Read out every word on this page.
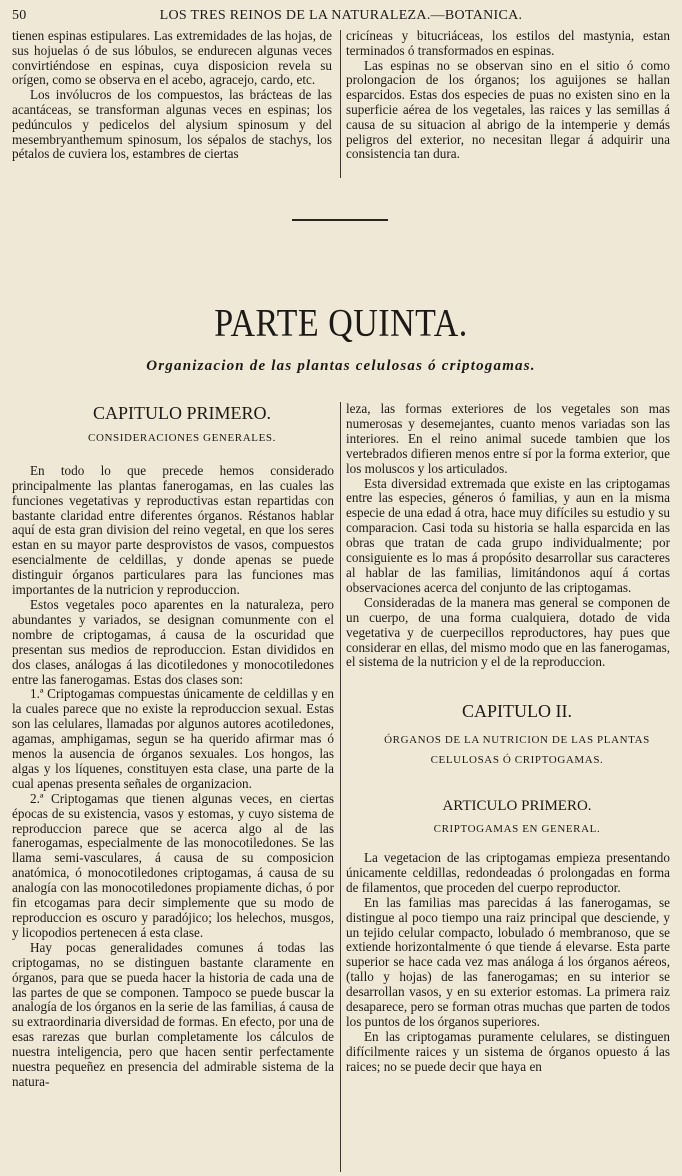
50	LOS TRES REINOS DE LA NATURALEZA.—BOTANICA.

tienen espinas estipulares. Las extremidades de las hojas, de sus hojuelas ó de sus lóbulos, se endurecen algunas veces convirtiéndose en espinas, cuya disposicion revela su orígen, como se observa en el acebo, agracejo, cardo, etc.

Los invólucros de los compuestos, las brácteas de las acantáceas, se transforman algunas veces en espinas; los pedúnculos y pedicelos del alysium spinosum y del mesembryanthemum spinosum, los sépalos de stachys, los pétalos de cuviera los, estambres de ciertas

cricíneas y bitucriáceas, los estilos del mastynia, estan terminados ó transformados en espinas.

Las espinas no se observan sino en el sitio ó como prolongacion de los órganos; los aguijones se hallan esparcidos. Estas dos especies de puas no existen sino en la superficie aérea de los vegetales, las raices y las semillas á causa de su situacion al abrigo de la intemperie y demás peligros del exterior, no necesitan llegar á adquirir una consistencia tan dura.

PARTE QUINTA.
Organizacion de las plantas celulosas ó criptogamas.

CAPITULO PRIMERO.

CONSIDERACIONES GENERALES.

En todo lo que precede hemos considerado principalmente las plantas fanerogamas, en las cuales las funciones vegetativas y reproductivas estan repartidas con bastante claridad entre diferentes órganos. Réstanos hablar aquí de esta gran division del reino vegetal, en que los seres estan en su mayor parte desprovistos de vasos, compuestos esencialmente de celdillas, y donde apenas se puede distinguir órganos particulares para las funciones mas importantes de la nutricion y reproduccion.

Estos vegetales poco aparentes en la naturaleza, pero abundantes y variados, se designan comunmente con el nombre de criptogamas, á causa de la oscuridad que presentan sus medios de reproduccion. Estan divididos en dos clases, análogas á las dicotiledones y monocotiledones entre las fanerogamas. Estas dos clases son:

1.ª Criptogamas compuestas únicamente de celdillas y en la cuales parece que no existe la reproduccion sexual. Estas son las celulares, llamadas por algunos autores acotiledones, agamas, amphigamas, segun se ha querido afirmar mas ó menos la ausencia de órganos sexuales. Los hongos, las algas y los líquenes, constituyen esta clase, una parte de la cual apenas presenta señales de organizacion.

2.ª Criptogamas que tienen algunas veces, en ciertas épocas de su existencia, vasos y estomas, y cuyo sistema de reproduccion parece que se acerca algo al de las fanerogamas, especialmente de las monocotiledones. Se las llama semi-vasculares, á causa de su composicion anatómica, ó monocotiledones criptogamas, á causa de su analogía con las monocotiledones propiamente dichas, ó por fin etcogamas para decir simplemente que su modo de reproduccion es oscuro y paradójico; los helechos, musgos, y licopodios pertenecen á esta clase.

Hay pocas generalidades comunes á todas las criptogamas, no se distinguen bastante claramente en órganos, para que se pueda hacer la historia de cada una de las partes de que se componen. Tampoco se puede buscar la analogía de los órganos en la serie de las familias, á causa de su extraordinaria diversidad de formas. En efecto, por una de esas rarezas que burlan completamente los cálculos de nuestra inteligencia, pero que hacen sentir perfectamente nuestra pequeñez en presencia del admirable sistema de la natura-

leza, las formas exteriores de los vegetales son mas numerosas y desemejantes, cuanto menos variadas son las interiores. En el reino animal sucede tambien que los vertebrados difieren menos entre sí por la forma exterior, que los moluscos y los articulados.

Esta diversidad extremada que existe en las criptogamas entre las especies, géneros ó familias, y aun en la misma especie de una edad á otra, hace muy difíciles su estudio y su comparacion. Casi toda su historia se halla esparcida en las obras que tratan de cada grupo individualmente; por consiguiente es lo mas á propósito desarrollar sus caracteres al hablar de las familias, limitándonos aquí á cortas observaciones acerca del conjunto de las criptogamas.

Consideradas de la manera mas general se componen de un cuerpo, de una forma cualquiera, dotado de vida vegetativa y de cuerpecillos reproductores, hay pues que considerar en ellas, del mismo modo que en las fanerogamas, el sistema de la nutricion y el de la reproduccion.

CAPITULO II.

ÓRGANOS DE LA NUTRICION DE LAS PLANTAS

CELULOSAS Ó CRIPTOGAMAS.

ARTICULO PRIMERO.

CRIPTOGAMAS EN GENERAL.

La vegetacion de las criptogamas empieza presentando únicamente celdillas, redondeadas ó prolongadas en forma de filamentos, que proceden del cuerpo reproductor.

En las familias mas parecidas á las fanerogamas, se distingue al poco tiempo una raiz principal que desciende, y un tejido celular compacto, lobulado ó membranoso, que se extiende horizontalmente ó que tiende á elevarse. Esta parte superior se hace cada vez mas análoga á los órganos aéreos, (tallo y hojas) de las fanerogamas; en su interior se desarrollan vasos, y en su exterior estomas. La primera raiz desaparece, pero se forman otras muchas que parten de todos los puntos de los órganos superiores.

En las criptogamas puramente celulares, se distinguen difícilmente raices y un sistema de órganos opuesto á las raices; no se puede decir que haya en
